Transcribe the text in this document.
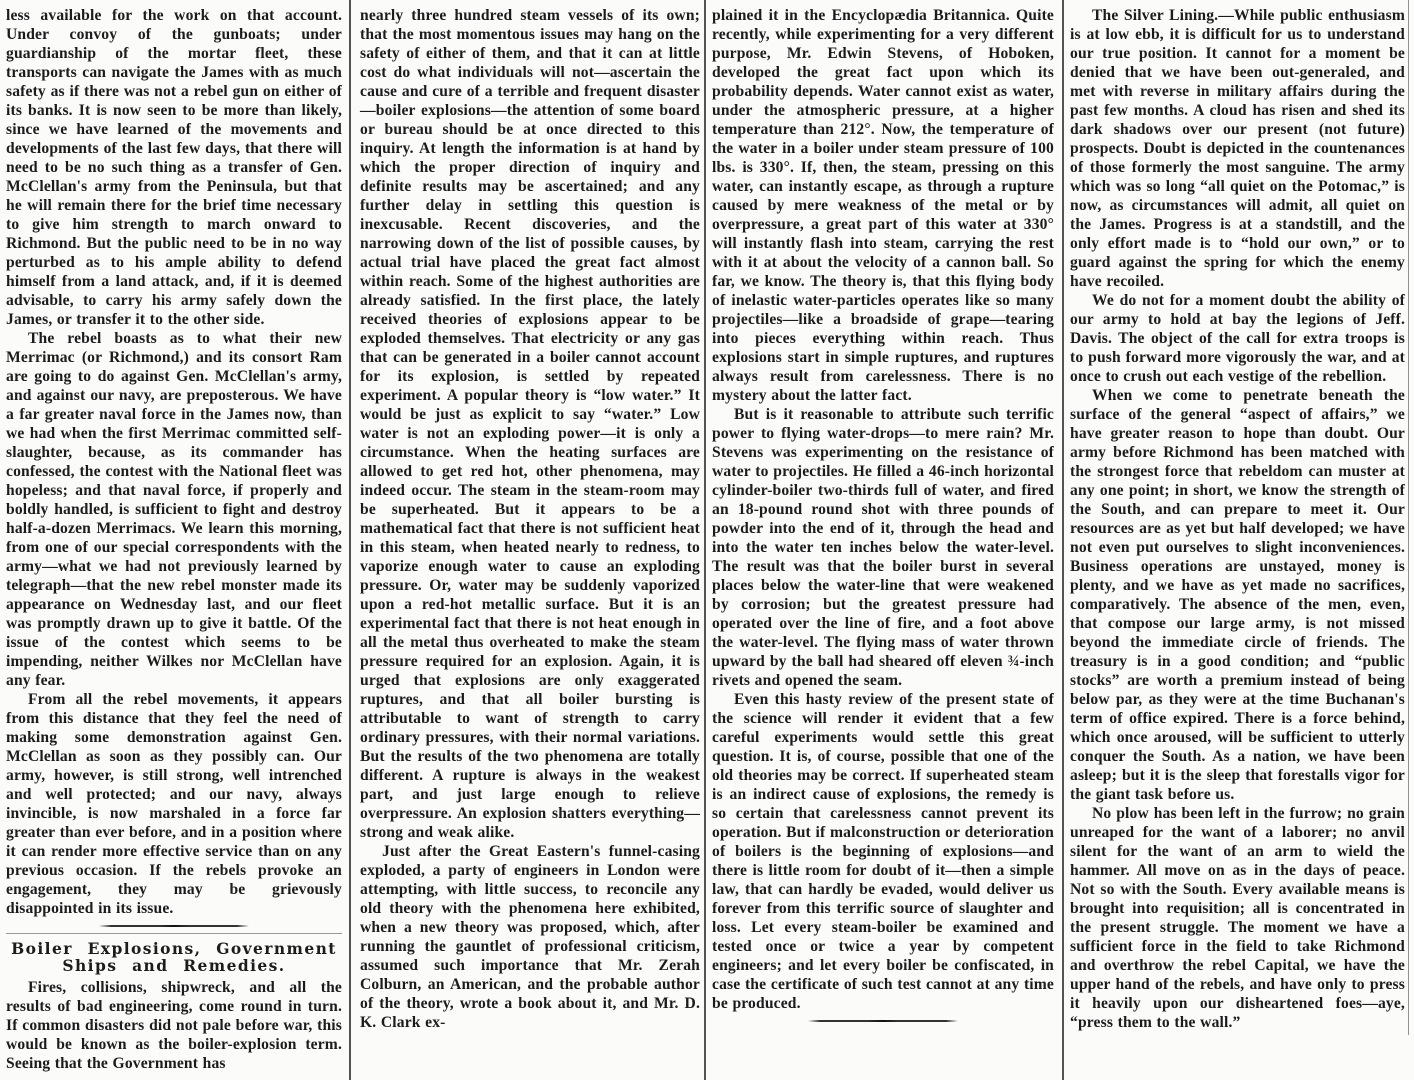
less available for the work on that account. Under convoy of the gunboats; under guardianship of the mortar fleet, these transports can navigate the James with as much safety as if there was not a rebel gun on either of its banks. It is now seen to be more than likely, since we have learned of the movements and developments of the last few days, that there will need to be no such thing as a transfer of Gen. McClellan's army from the Peninsula, but that he will remain there for the brief time necessary to give him strength to march onward to Richmond. But the public need to be in no way perturbed as to his ample ability to defend himself from a land attack, and, if it is deemed advisable, to carry his army safely down the James, or transfer it to the other side.

The rebel boasts as to what their new Merrimac (or Richmond,) and its consort Ram are going to do against Gen. McClellan's army, and against our navy, are preposterous. We have a far greater naval force in the James now, than we had when the first Merrimac committed self-slaughter, because, as its commander has confessed, the contest with the National fleet was hopeless; and that naval force, if properly and boldly handled, is sufficient to fight and destroy half-a-dozen Merrimacs. We learn this morning, from one of our special correspondents with the army—what we had not previously learned by telegraph—that the new rebel monster made its appearance on Wednesday last, and our fleet was promptly drawn up to give it battle. Of the issue of the contest which seems to be impending, neither Wilkes nor McClellan have any fear.

From all the rebel movements, it appears from this distance that they feel the need of making some demonstration against Gen. McClellan as soon as they possibly can. Our army, however, is still strong, well intrenched and well protected; and our navy, always invincible, is now marshaled in a force far greater than ever before, and in a position where it can render more effective service than on any previous occasion. If the rebels provoke an engagement, they may be grievously disappointed in its issue.

Boiler Explosions, Government Ships and Remedies.

Fires, collisions, shipwreck, and all the results of bad engineering, come round in turn. If common disasters did not pale before war, this would be known as the boiler-explosion term. Seeing that the Government has

nearly three hundred steam vessels of its own; that the most momentous issues may hang on the safety of either of them, and that it can at little cost do what individuals will not—ascertain the cause and cure of a terrible and frequent disaster—boiler explosions—the attention of some board or bureau should be at once directed to this inquiry. At length the information is at hand by which the proper direction of inquiry and definite results may be ascertained; and any further delay in settling this question is inexcusable. Recent discoveries, and the narrowing down of the list of possible causes, by actual trial have placed the great fact almost within reach. Some of the highest authorities are already satisfied. In the first place, the lately received theories of explosions appear to be exploded themselves. That electricity or any gas that can be generated in a boiler cannot account for its explosion, is settled by repeated experiment. A popular theory is “low water.” It would be just as explicit to say “water.” Low water is not an exploding power—it is only a circumstance. When the heating surfaces are allowed to get red hot, other phenomena, may indeed occur. The steam in the steam-room may be superheated. But it appears to be a mathematical fact that there is not sufficient heat in this steam, when heated nearly to redness, to vaporize enough water to cause an exploding pressure. Or, water may be suddenly vaporized upon a red-hot metallic surface. But it is an experimental fact that there is not heat enough in all the metal thus overheated to make the steam pressure required for an explosion. Again, it is urged that explosions are only exaggerated ruptures, and that all boiler bursting is attributable to want of strength to carry ordinary pressures, with their normal variations. But the results of the two phenomena are totally different. A rupture is always in the weakest part, and just large enough to relieve overpressure. An explosion shatters everything—strong and weak alike.

Just after the Great Eastern's funnel-casing exploded, a party of engineers in London were attempting, with little success, to reconcile any old theory with the phenomena here exhibited, when a new theory was proposed, which, after running the gauntlet of professional criticism, assumed such importance that Mr. Zerah Colburn, an American, and the probable author of the theory, wrote a book about it, and Mr. D. K. Clark ex-

plained it in the Encyclopædia Britannica. Quite recently, while experimenting for a very different purpose, Mr. Edwin Stevens, of Hoboken, developed the great fact upon which its probability depends. Water cannot exist as water, under the atmospheric pressure, at a higher temperature than 212°. Now, the temperature of the water in a boiler under steam pressure of 100 lbs. is 330°. If, then, the steam, pressing on this water, can instantly escape, as through a rupture caused by mere weakness of the metal or by overpressure, a great part of this water at 330° will instantly flash into steam, carrying the rest with it at about the velocity of a cannon ball. So far, we know. The theory is, that this flying body of inelastic water-particles operates like so many projectiles—like a broadside of grape—tearing into pieces everything within reach. Thus explosions start in simple ruptures, and ruptures always result from carelessness. There is no mystery about the latter fact.

But is it reasonable to attribute such terrific power to flying water-drops—to mere rain? Mr. Stevens was experimenting on the resistance of water to projectiles. He filled a 46-inch horizontal cylinder-boiler two-thirds full of water, and fired an 18-pound round shot with three pounds of powder into the end of it, through the head and into the water ten inches below the water-level. The result was that the boiler burst in several places below the water-line that were weakened by corrosion; but the greatest pressure had operated over the line of fire, and a foot above the water-level. The flying mass of water thrown upward by the ball had sheared off eleven ¾-inch rivets and opened the seam.

Even this hasty review of the present state of the science will render it evident that a few careful experiments would settle this great question. It is, of course, possible that one of the old theories may be correct. If superheated steam is an indirect cause of explosions, the remedy is so certain that carelessness cannot prevent its operation. But if malconstruction or deterioration of boilers is the beginning of explosions—and there is little room for doubt of it—then a simple law, that can hardly be evaded, would deliver us forever from this terrific source of slaughter and loss. Let every steam-boiler be examined and tested once or twice a year by competent engineers; and let every boiler be confiscated, in case the certificate of such test cannot at any time be produced.

The Silver Lining.—While public enthusiasm is at low ebb, it is difficult for us to understand our true position. It cannot for a moment be denied that we have been out-generaled, and met with reverse in military affairs during the past few months. A cloud has risen and shed its dark shadows over our present (not future) prospects. Doubt is depicted in the countenances of those formerly the most sanguine. The army which was so long “all quiet on the Potomac,” is now, as circumstances will admit, all quiet on the James. Progress is at a standstill, and the only effort made is to “hold our own,” or to guard against the spring for which the enemy have recoiled.

We do not for a moment doubt the ability of our army to hold at bay the legions of Jeff. Davis. The object of the call for extra troops is to push forward more vigorously the war, and at once to crush out each vestige of the rebellion.

When we come to penetrate beneath the surface of the general “aspect of affairs,” we have greater reason to hope than doubt. Our army before Richmond has been matched with the strongest force that rebeldom can muster at any one point; in short, we know the strength of the South, and can prepare to meet it. Our resources are as yet but half developed; we have not even put ourselves to slight inconveniences. Business operations are unstayed, money is plenty, and we have as yet made no sacrifices, comparatively. The absence of the men, even, that compose our large army, is not missed beyond the immediate circle of friends. The treasury is in a good condition; and “public stocks” are worth a premium instead of being below par, as they were at the time Buchanan's term of office expired. There is a force behind, which once aroused, will be sufficient to utterly conquer the South. As a nation, we have been asleep; but it is the sleep that forestalls vigor for the giant task before us.

No plow has been left in the furrow; no grain unreaped for the want of a laborer; no anvil silent for the want of an arm to wield the hammer. All move on as in the days of peace. Not so with the South. Every available means is brought into requisition; all is concentrated in the present struggle. The moment we have a sufficient force in the field to take Richmond and overthrow the rebel Capital, we have the upper hand of the rebels, and have only to press it heavily upon our disheartened foes—aye, “press them to the wall.”
